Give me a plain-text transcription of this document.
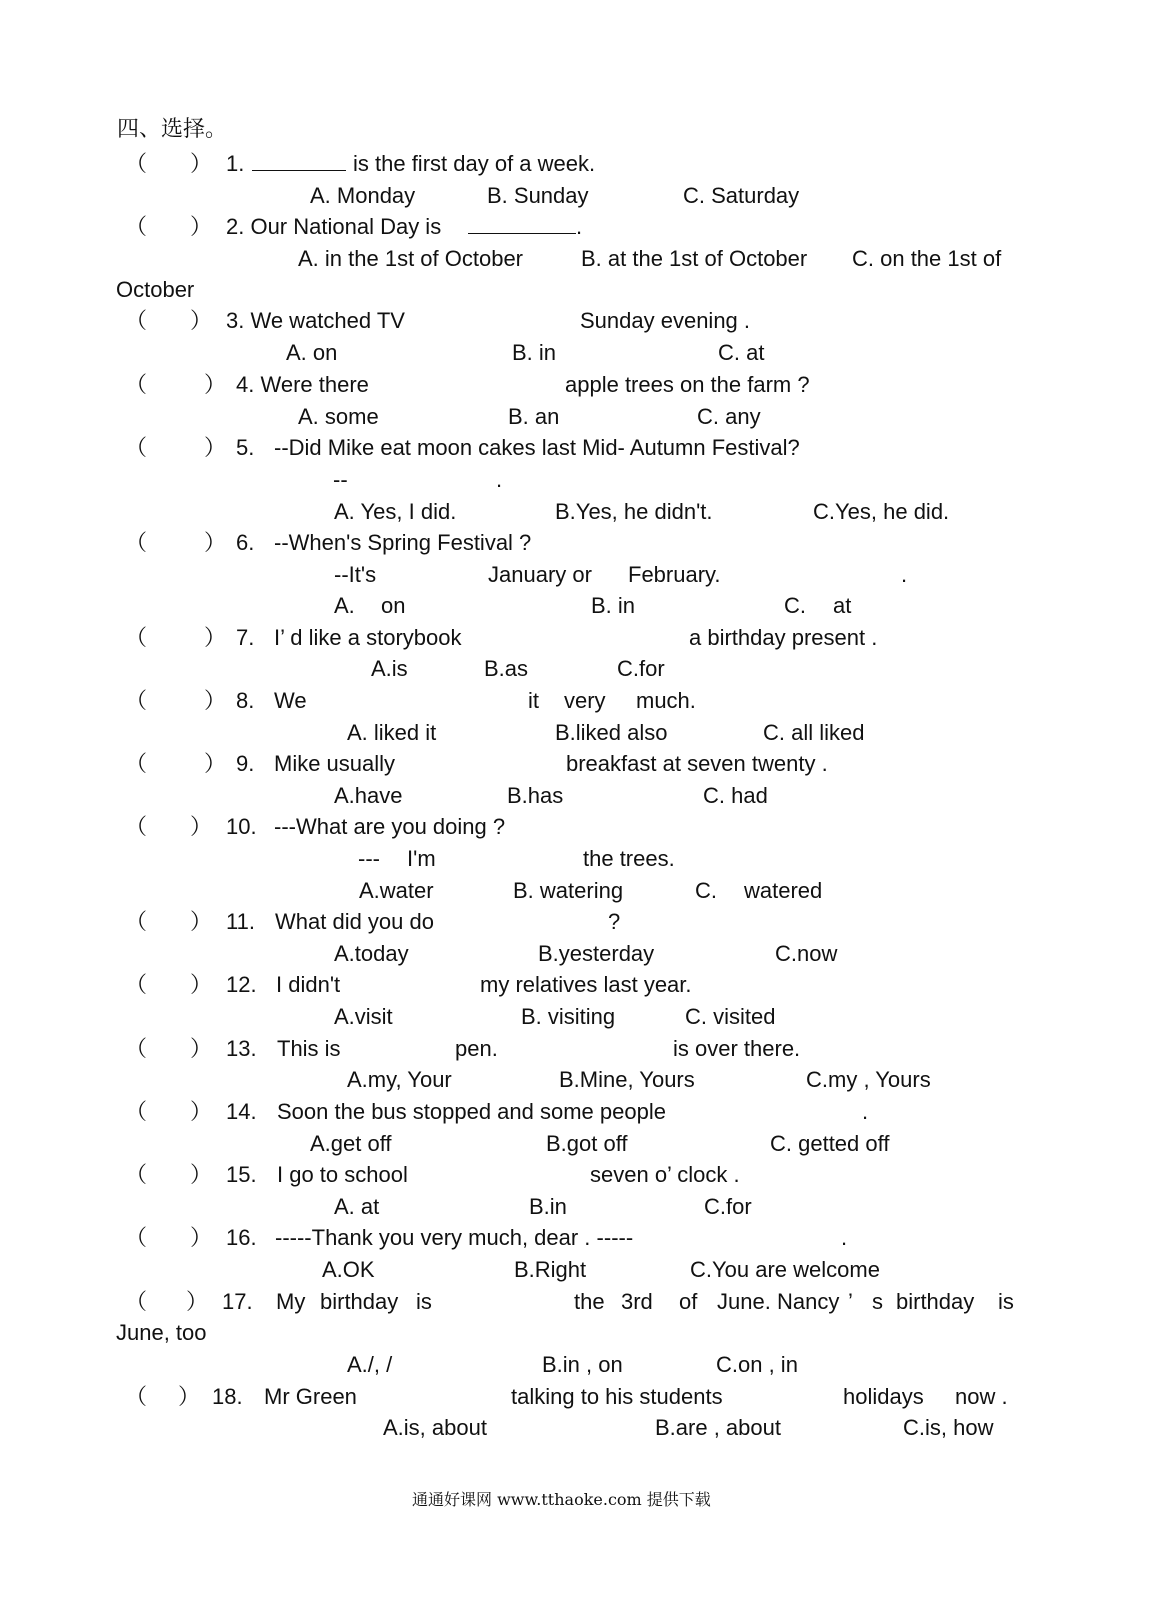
四、选择。
（ ） 1.	is the first day of a week.
A. Monday	B. Sunday	C. Saturday
（ ） 2. Our National Day is	.
A. in the 1st of October	B. at the 1st of October C. on the 1st of
October
（ ） 3. We watched TV	Sunday evening .
A. on	B. in	C. at
（	） 4. Were there	apple trees on the farm ?
A. some	B. an	C. any
（	） 5. --Did Mike eat moon cakes last Mid- Autumn Festival?
--	.
A. Yes, I did.	B.Yes, he didn't.	C.Yes, he did.
（	） 6. --When's Spring Festival ?
--It's	January or February.	.
A. on	B. in	C. at
（	） 7. I’ d like a storybook	a birthday present .
A.is	B.as	C.for
（	） 8. We	it very much.
A. liked it	B.liked also	C. all liked
（	） 9. Mike usually	breakfast at seven twenty .
A.have	B.has	C. had
（ ） 10. ---What are you doing ?
--- I'm	the trees.
A.water	B. watering	C. watered
（ ） 11. What did you do	?
A.today	B.yesterday	C.now
（ ） 12. I didn't	my relatives last year.
A.visit	B. visiting	C. visited
（ ） 13. This is	pen.	is over there.
A.my, Your	B.Mine, Yours	C.my , Yours
（ ） 14. Soon the bus stopped and some people	.
A.get off	B.got off	C. getted off
（ ） 15. I go to school	seven o’ clock .
A. at	B.in	C.for
（ ） 16. -----Thank you very much, dear . -----	.
A.OK	B.Right	C.You are welcome
（ ） 17. My birthday is	the 3rd of June. Nancy ’ s birthday is
June, too
A./, /	B.in , on	C.on , in
（ ） 18. Mr Green	talking to his students	holidays now .
A.is, about	B.are , about	C.is, how
通通好课网 www.tthaoke.com 提供下载
